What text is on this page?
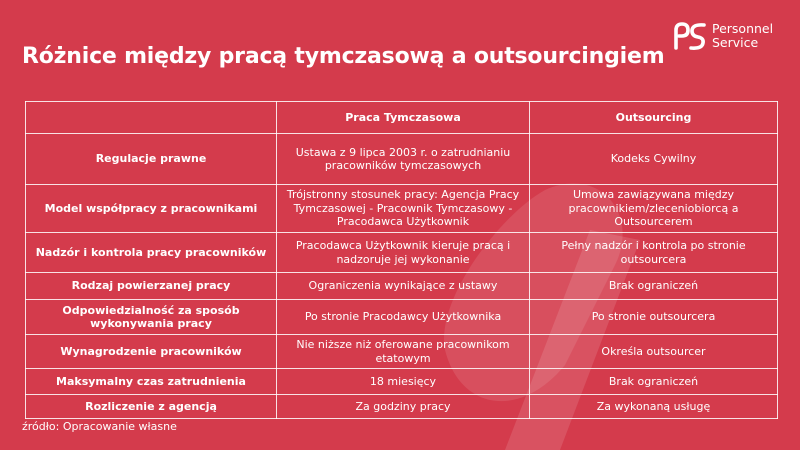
Różnice między pracą tymczasową a outsourcingiem
Personnel
Service
	Praca Tymczasowa	Outsourcing
Regulacje prawne	Ustawa z 9 lipca 2003 r. o zatrudnianiu pracowników tymczasowych	Kodeks Cywilny
Model współpracy z pracownikami	Trójstronny stosunek pracy: Agencja Pracy Tymczasowej - Pracownik Tymczasowy - Pracodawca Użytkownik	Umowa zawiązywana między pracownikiem/zleceniobiorcą a Outsourcerem
Nadzór i kontrola pracy pracowników	Pracodawca Użytkownik kieruje pracą i nadzoruje jej wykonanie	Pełny nadzór i kontrola po stronie outsourcera
Rodzaj powierzanej pracy	Ograniczenia wynikające z ustawy	Brak ograniczeń
Odpowiedzialność za sposób wykonywania pracy	Po stronie Pracodawcy Użytkownika	Po stronie outsourcera
Wynagrodzenie pracowników	Nie niższe niż oferowane pracownikom etatowym	Określa outsourcer
Maksymalny czas zatrudnienia	18 miesięcy	Brak ograniczeń
Rozliczenie z agencją	Za godziny pracy	Za wykonaną usługę
źródło: Opracowanie własne
